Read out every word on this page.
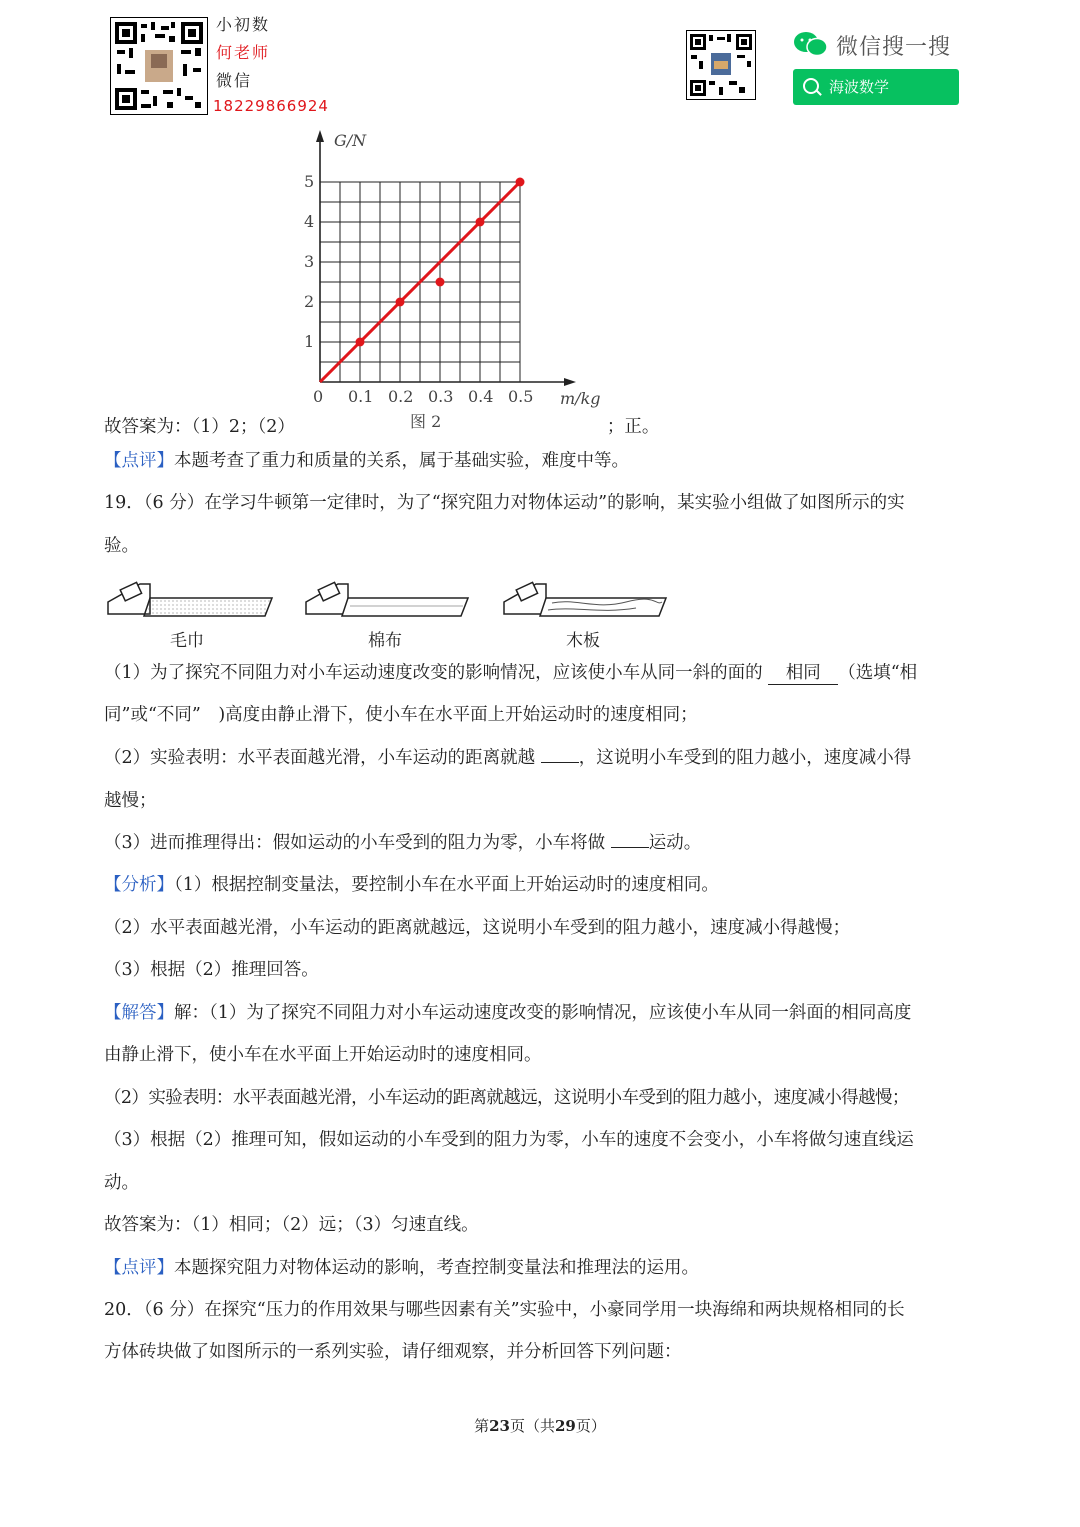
小初数
何老师
微信
18229866924
微信搜一搜
海波数学
G/N
m/kg
0 0.1 0.2 0.3 0.4 0.5
1
2
3
4
5
图 2
故答案为：（1）2；（2）	；正。
【点评】本题考查了重力和质量的关系，属于基础实验，难度中等。
19．（6 分）在学习牛顿第一定律时，为了“探究阻力对物体运动”的影响，某实验小组做了如图所示的实
验。
毛巾	棉布	木板
（1）为了探究不同阻力对小车运动速度改变的影响情况，应该使小车从同一斜的面的 相同 （选填“相
同”或“不同”　)高度由静止滑下，使小车在水平面上开始运动时的速度相同；
（2）实验表明：水平表面越光滑，小车运动的距离就越 ，这说明小车受到的阻力越小，速度减小得
越慢；
（3）进而推理得出：假如运动的小车受到的阻力为零，小车将做 运动。
【分析】（1）根据控制变量法，要控制小车在水平面上开始运动时的速度相同。
（2）水平表面越光滑，小车运动的距离就越远，这说明小车受到的阻力越小，速度减小得越慢；
（3）根据（2）推理回答。
【解答】解：（1）为了探究不同阻力对小车运动速度改变的影响情况，应该使小车从同一斜面的相同高度
由静止滑下，使小车在水平面上开始运动时的速度相同。
（2）实验表明：水平表面越光滑，小车运动的距离就越远，这说明小车受到的阻力越小，速度减小得越慢；
（3）根据（2）推理可知，假如运动的小车受到的阻力为零，小车的速度不会变小，小车将做匀速直线运
动。
故答案为：（1）相同；（2）远；（3）匀速直线。
【点评】本题探究阻力对物体运动的影响，考查控制变量法和推理法的运用。
20．（6 分）在探究“压力的作用效果与哪些因素有关”实验中，小豪同学用一块海绵和两块规格相同的长
方体砖块做了如图所示的一系列实验，请仔细观察，并分析回答下列问题：
第23页（共29页）
